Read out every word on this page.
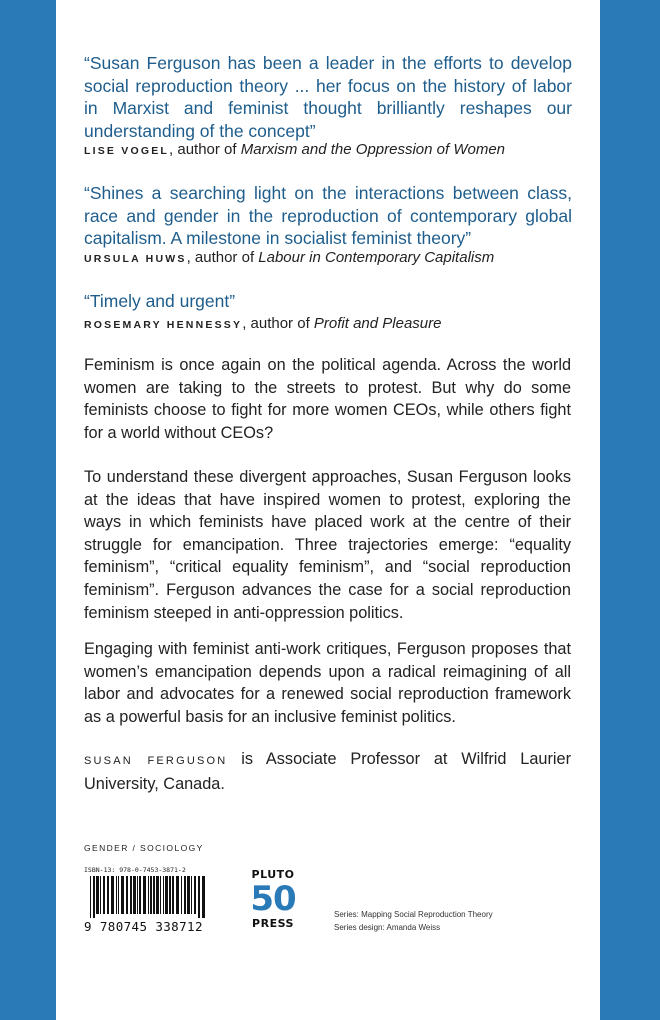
“Susan Ferguson has been a leader in the efforts to develop social reproduction theory ... her focus on the history of labor in Marxist and feminist thought brilliantly reshapes our understanding of the concept”
LISE VOGEL, author of Marxism and the Oppression of Women
“Shines a searching light on the interactions between class, race and gender in the reproduction of contemporary global capitalism. A milestone in socialist feminist theory”
URSULA HUWS, author of Labour in Contemporary Capitalism
“Timely and urgent”
ROSEMARY HENNESSY, author of Profit and Pleasure
Feminism is once again on the political agenda. Across the world women are taking to the streets to protest. But why do some feminists choose to fight for more women CEOs, while others fight for a world without CEOs?
To understand these divergent approaches, Susan Ferguson looks at the ideas that have inspired women to protest, exploring the ways in which feminists have placed work at the centre of their struggle for emancipation. Three trajectories emerge: “equality feminism”, “critical equality feminism”, and “social reproduction feminism”. Ferguson advances the case for a social reproduction feminism steeped in anti-oppression politics.
Engaging with feminist anti-work critiques, Ferguson proposes that women’s emancipation depends upon a radical reimagining of all labor and advocates for a renewed social reproduction framework as a powerful basis for an inclusive feminist politics.
SUSAN FERGUSON is Associate Professor at Wilfrid Laurier University, Canada.
GENDER / SOCIOLOGY
ISBN-13: 978-0-7453-3871-2
9 780745 338712
PLUTO
50
PRESS
Series: Mapping Social Reproduction Theory
Series design: Amanda Weiss
